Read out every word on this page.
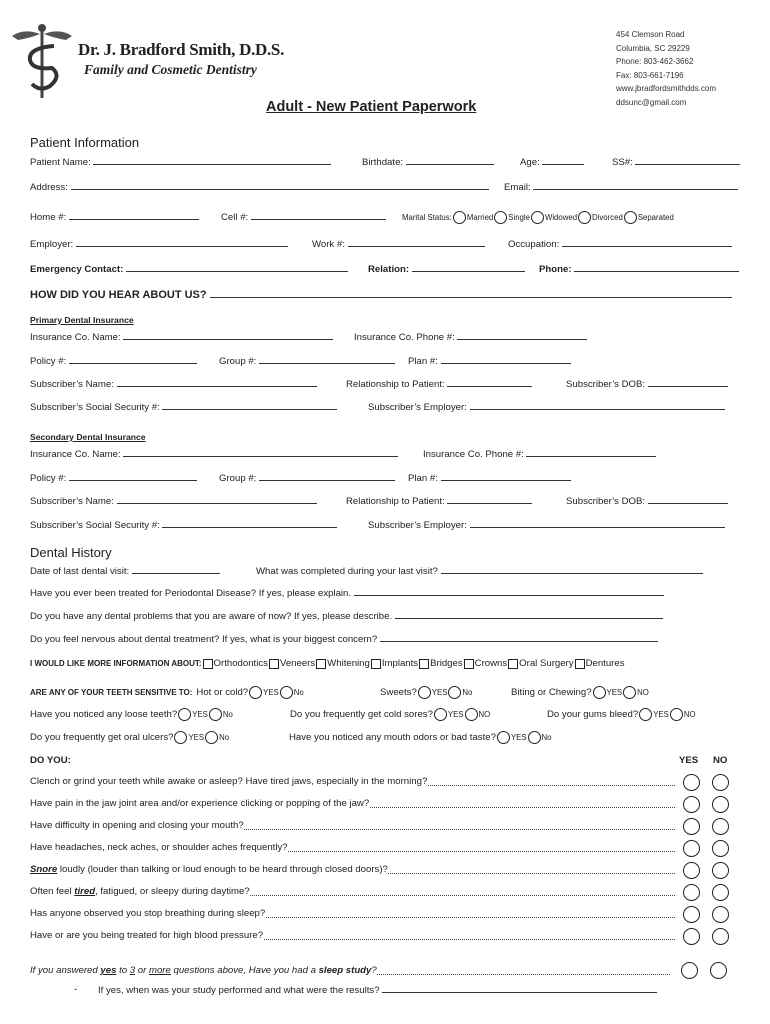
Dr. J. Bradford Smith, D.D.S.
Family and Cosmetic Dentistry
454 Clemson Road
Columbia, SC 29229
Phone: 803-462-3662
Fax: 803-661-7196
www.jbradfordsmithdds.com
ddsunc@gmail.com
Adult - New Patient Paperwork
Patient Information
Patient Name:	Birthdate:	Age:	SS#:
Address:	Email:
Home #:	Cell #:	Marital Status: Married Single Widowed Divorced Separated
Employer:	Work #:	Occupation:
Emergency Contact:	Relation:	Phone:
HOW DID YOU HEAR ABOUT US?
Primary Dental Insurance
Insurance Co. Name:	Insurance Co. Phone #:
Policy #:	Group #:	Plan #:
Subscriber’s Name:	Relationship to Patient:	Subscriber’s DOB:
Subscriber’s Social Security #:	Subscriber’s Employer:
Secondary Dental Insurance
Insurance Co. Name:	Insurance Co. Phone #:
Policy #:	Group #:	Plan #:
Subscriber’s Name:	Relationship to Patient:	Subscriber’s DOB:
Subscriber’s Social Security #:	Subscriber’s Employer:
Dental History
Date of last dental visit:	What was completed during your last visit?
Have you ever been treated for Periodontal Disease? If yes, please explain.
Do you have any dental problems that you are aware of now? If yes, please describe.
Do you feel nervous about dental treatment? If yes, what is your biggest concern?
I WOULD LIKE MORE INFORMATION ABOUT: Orthodontics Veneers Whitening Implants Bridges Crowns Oral Surgery Dentures
ARE ANY OF YOUR TEETH SENSITIVE TO: Hot or cold? YES No	Sweets? YES No	Biting or Chewing? YES NO
Have you noticed any loose teeth? YES No	Do you frequently get cold sores? YES NO	Do your gums bleed? YES NO
Do you frequently get oral ulcers? YES No	Have you noticed any mouth odors or bad taste? YES No
DO YOU:	YES NO
Clench or grind your teeth while awake or asleep? Have tired jaws, especially in the morning?
Have pain in the jaw joint area and/or experience clicking or popping of the jaw?
Have difficulty in opening and closing your mouth?
Have headaches, neck aches, or shoulder aches frequently?
Snore loudly (louder than talking or loud enough to be heard through closed doors)?
Often feel tired, fatigued, or sleepy during daytime?
Has anyone observed you stop breathing during sleep?
Have or are you being treated for high blood pressure?
If you answered yes to 3 or more questions above, Have you had a sleep study?
- If yes, when was your study performed and what were the results?
